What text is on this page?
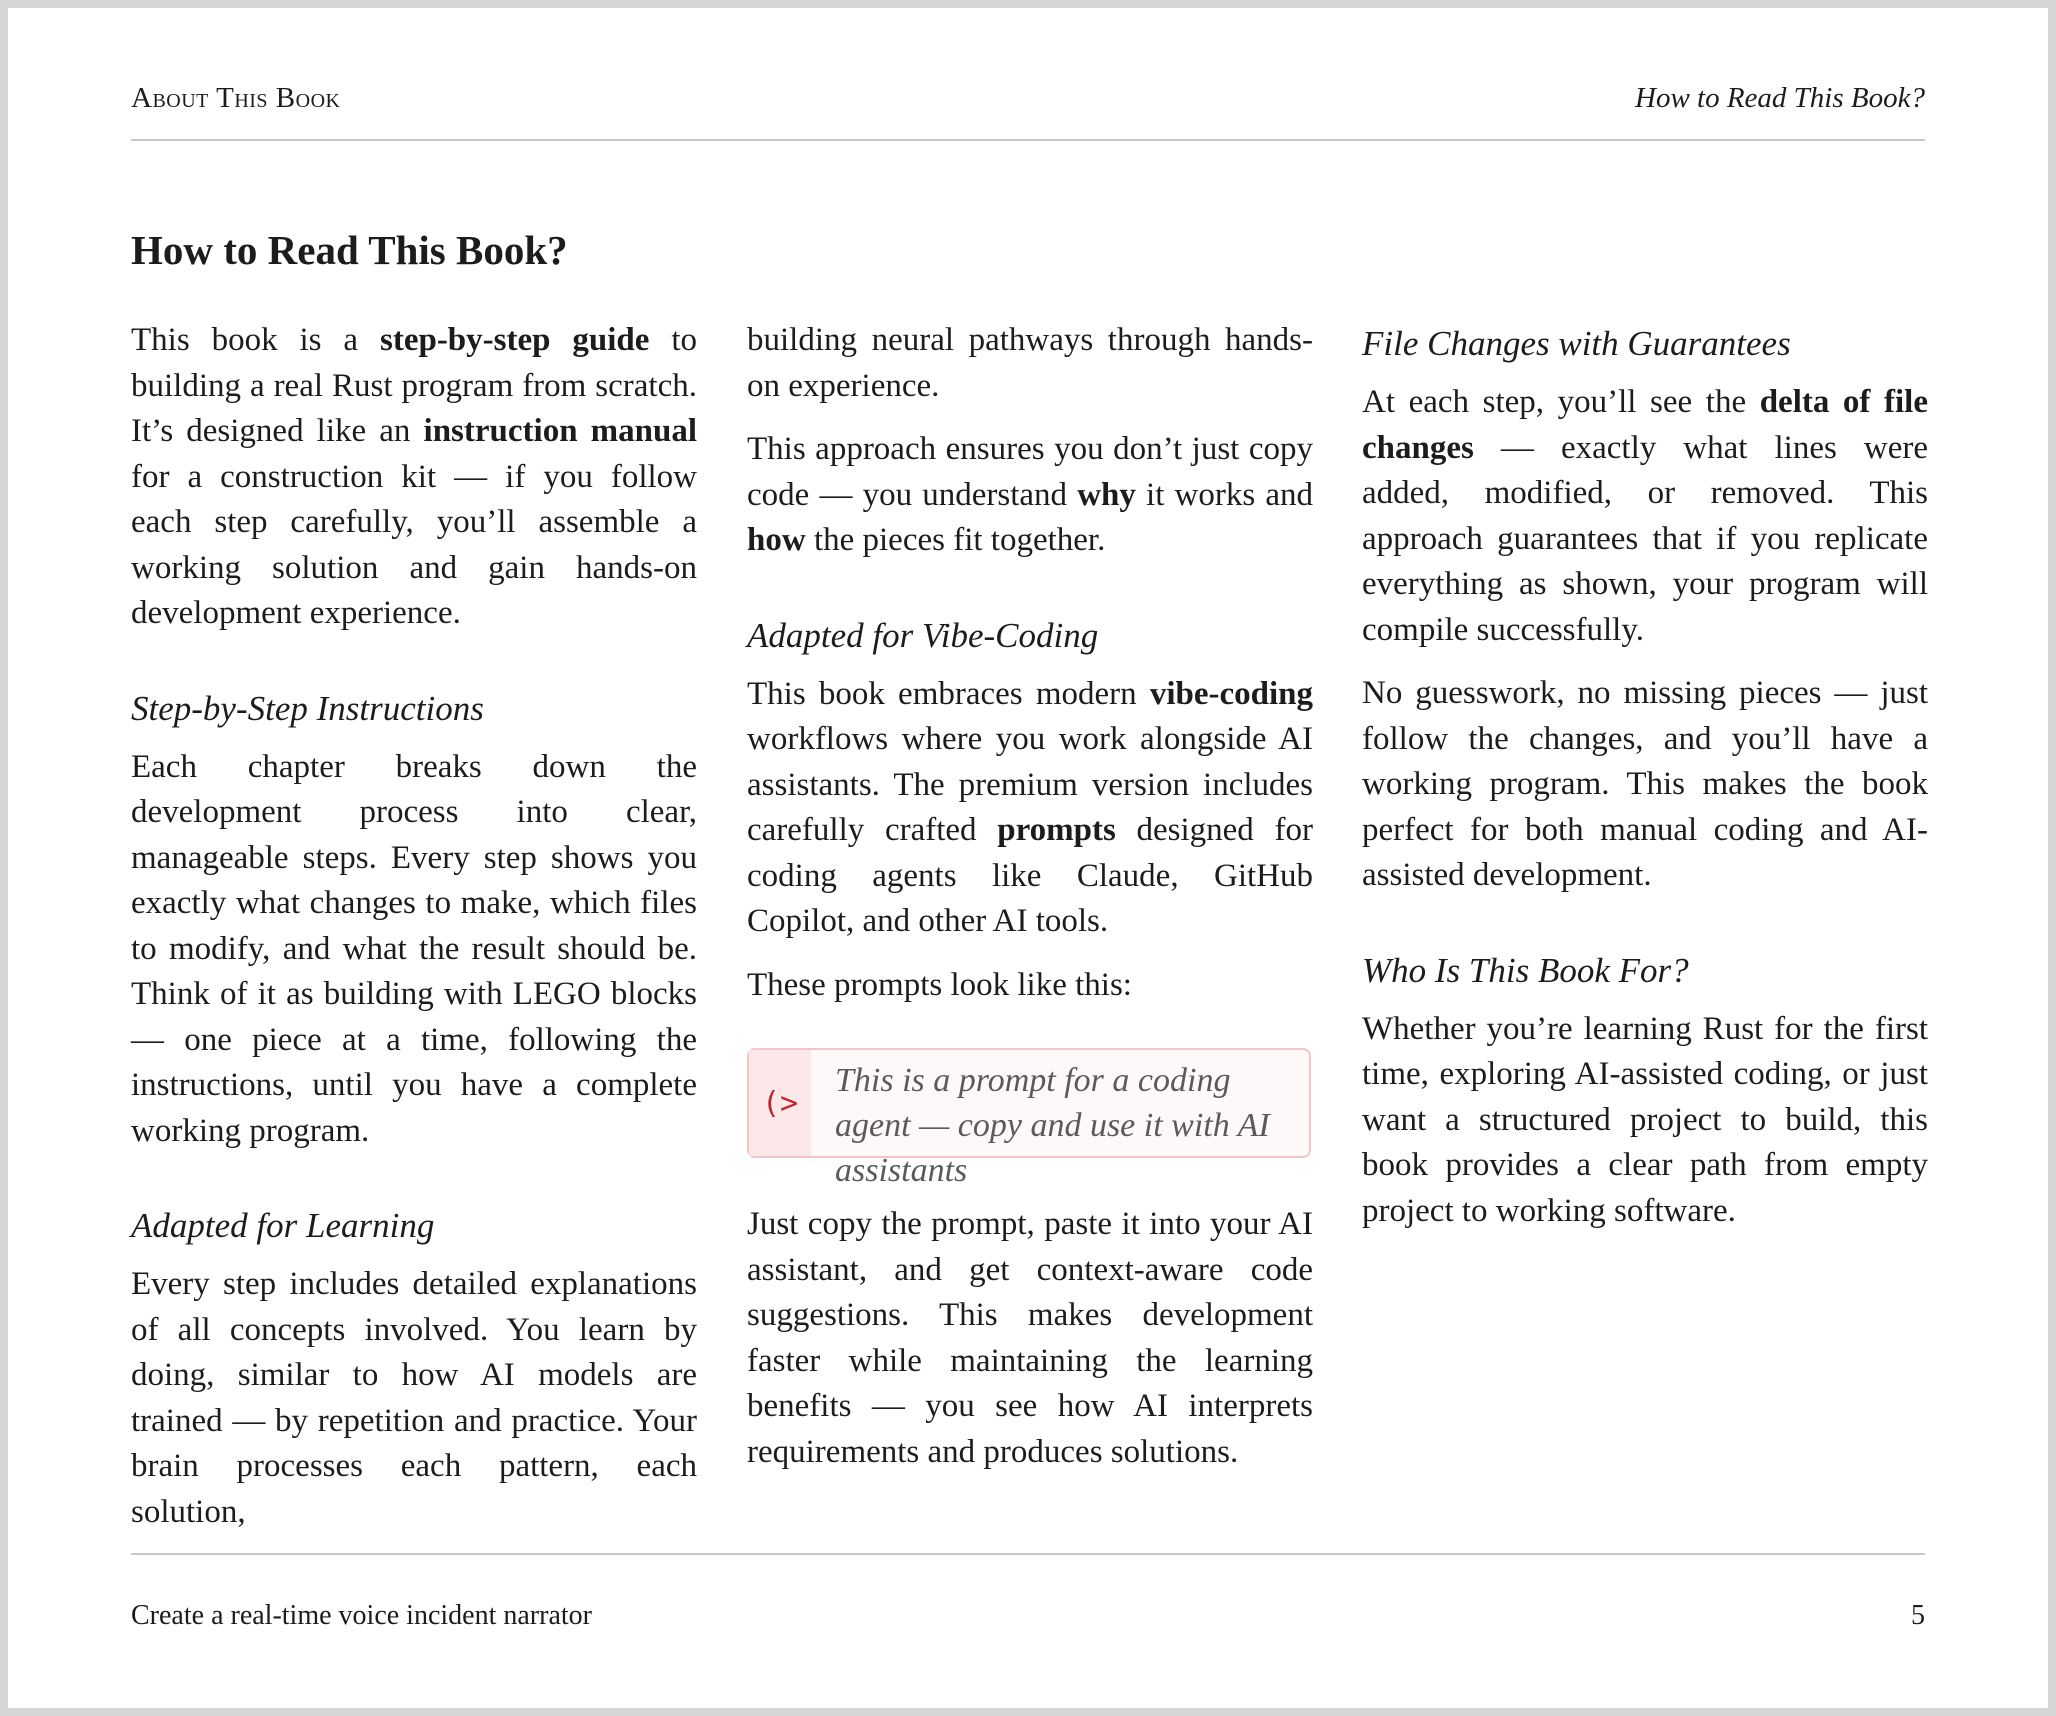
About This Book	How to Read This Book?
How to Read This Book?

This book is a step-by-step guide to building a real Rust program from scratch. It’s designed like an instruction manual for a construction kit — if you follow each step carefully, you’ll assemble a working solution and gain hands-on development experience.

Step-by-Step Instructions

Each chapter breaks down the development process into clear, manageable steps. Every step shows you exactly what changes to make, which files to modify, and what the result should be. Think of it as building with LEGO blocks — one piece at a time, following the instructions, until you have a complete working program.

Adapted for Learning

Every step includes detailed explanations of all concepts involved. You learn by doing, similar to how AI models are trained — by repetition and practice. Your brain processes each pattern, each solution,

building neural pathways through hands-on experience.

This approach ensures you don’t just copy code — you understand why it works and how the pieces fit together.

Adapted for Vibe-Coding

This book embraces modern vibe-coding workflows where you work alongside AI assistants. The premium version includes carefully crafted prompts designed for coding agents like Claude, GitHub Copilot, and other AI tools.

These prompts look like this:

(>
This is a prompt for a coding agent — copy and use it with AI assistants

Just copy the prompt, paste it into your AI assistant, and get context-aware code suggestions. This makes development faster while maintaining the learning benefits — you see how AI interprets requirements and produces solutions.

File Changes with Guarantees

At each step, you’ll see the delta of file changes — exactly what lines were added, modified, or removed. This approach guarantees that if you replicate everything as shown, your program will compile successfully.

No guesswork, no missing pieces — just follow the changes, and you’ll have a working program. This makes the book perfect for both manual coding and AI-assisted development.

Who Is This Book For?

Whether you’re learning Rust for the first time, exploring AI-assisted coding, or just want a structured project to build, this book provides a clear path from empty project to working software.

Create a real-time voice incident narrator	5
